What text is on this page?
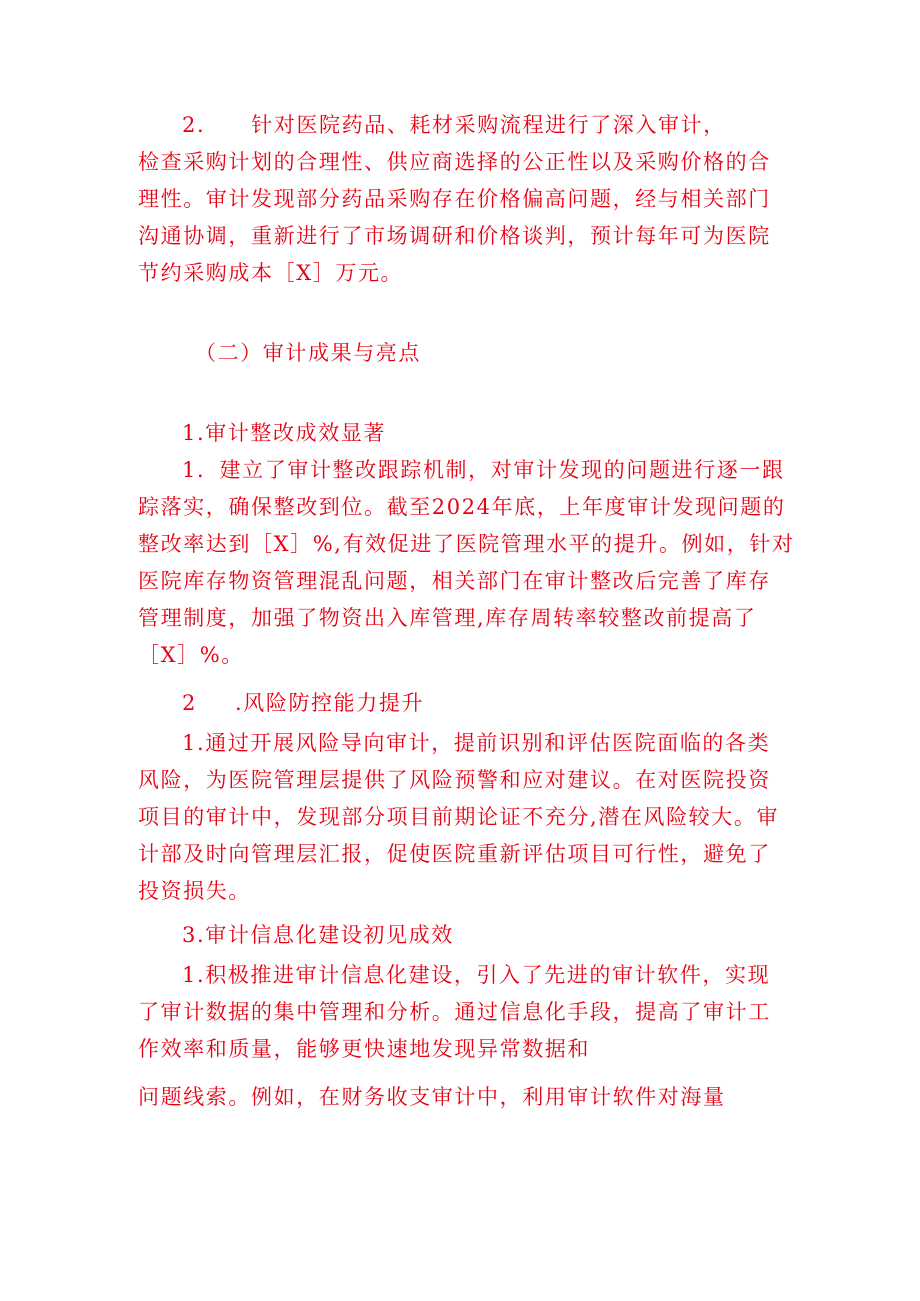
2. 针对医院药品、耗材采购流程进行了深入审计，
检查采购计划的合理性、供应商选择的公正性以及采购价格的合
理性。审计发现部分药品采购存在价格偏高问题，经与相关部门
沟通协调，重新进行了市场调研和价格谈判，预计每年可为医院
节约采购成本［X］万元。
（二）审计成果与亮点
1.审计整改成效显著
1．建立了审计整改跟踪机制，对审计发现的问题进行逐一跟
踪落实，确保整改到位。截至2024年底，上年度审计发现问题的
整改率达到［X］%,有效促进了医院管理水平的提升。例如，针对
医院库存物资管理混乱问题，相关部门在审计整改后完善了库存
管理制度，加强了物资出入库管理,库存周转率较整改前提高了
［X］%。
2 .风险防控能力提升
1.通过开展风险导向审计，提前识别和评估医院面临的各类
风险，为医院管理层提供了风险预警和应对建议。在对医院投资
项目的审计中，发现部分项目前期论证不充分,潜在风险较大。审
计部及时向管理层汇报，促使医院重新评估项目可行性，避免了
投资损失。
3.审计信息化建设初见成效
1.积极推进审计信息化建设，引入了先进的审计软件，实现
了审计数据的集中管理和分析。通过信息化手段，提高了审计工
作效率和质量，能够更快速地发现异常数据和
问题线索。例如，在财务收支审计中，利用审计软件对海量
